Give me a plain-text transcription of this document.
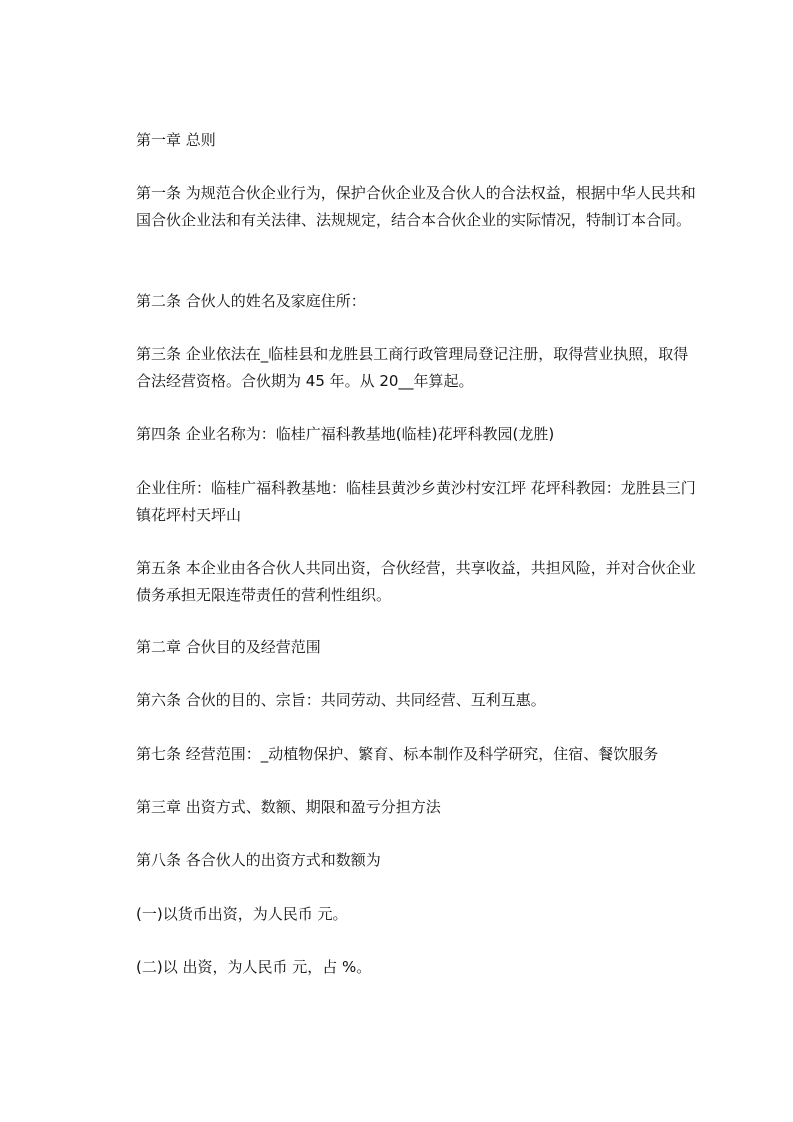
第一章 总则
第一条 为规范合伙企业行为，保护合伙企业及合伙人的合法权益，根据中华人民共和国合伙企业法和有关法律、法规规定，结合本合伙企业的实际情况，特制订本合同。
第二条 合伙人的姓名及家庭住所：
第三条 企业依法在_临桂县和龙胜县工商行政管理局登记注册，取得营业执照，取得合法经营资格。合伙期为 45 年。从 20__年算起。
第四条 企业名称为：临桂广福科教基地(临桂)花坪科教园(龙胜)
企业住所：临桂广福科教基地：临桂县黄沙乡黄沙村安江坪 花坪科教园：龙胜县三门镇花坪村天坪山
第五条 本企业由各合伙人共同出资，合伙经营，共享收益，共担风险，并对合伙企业债务承担无限连带责任的营利性组织。
第二章 合伙目的及经营范围
第六条 合伙的目的、宗旨：共同劳动、共同经营、互利互惠。
第七条 经营范围：_动植物保护、繁育、标本制作及科学研究，住宿、餐饮服务
第三章 出资方式、数额、期限和盈亏分担方法
第八条 各合伙人的出资方式和数额为
(一)以货币出资，为人民币 元。
(二)以 出资，为人民币 元，占 %。
